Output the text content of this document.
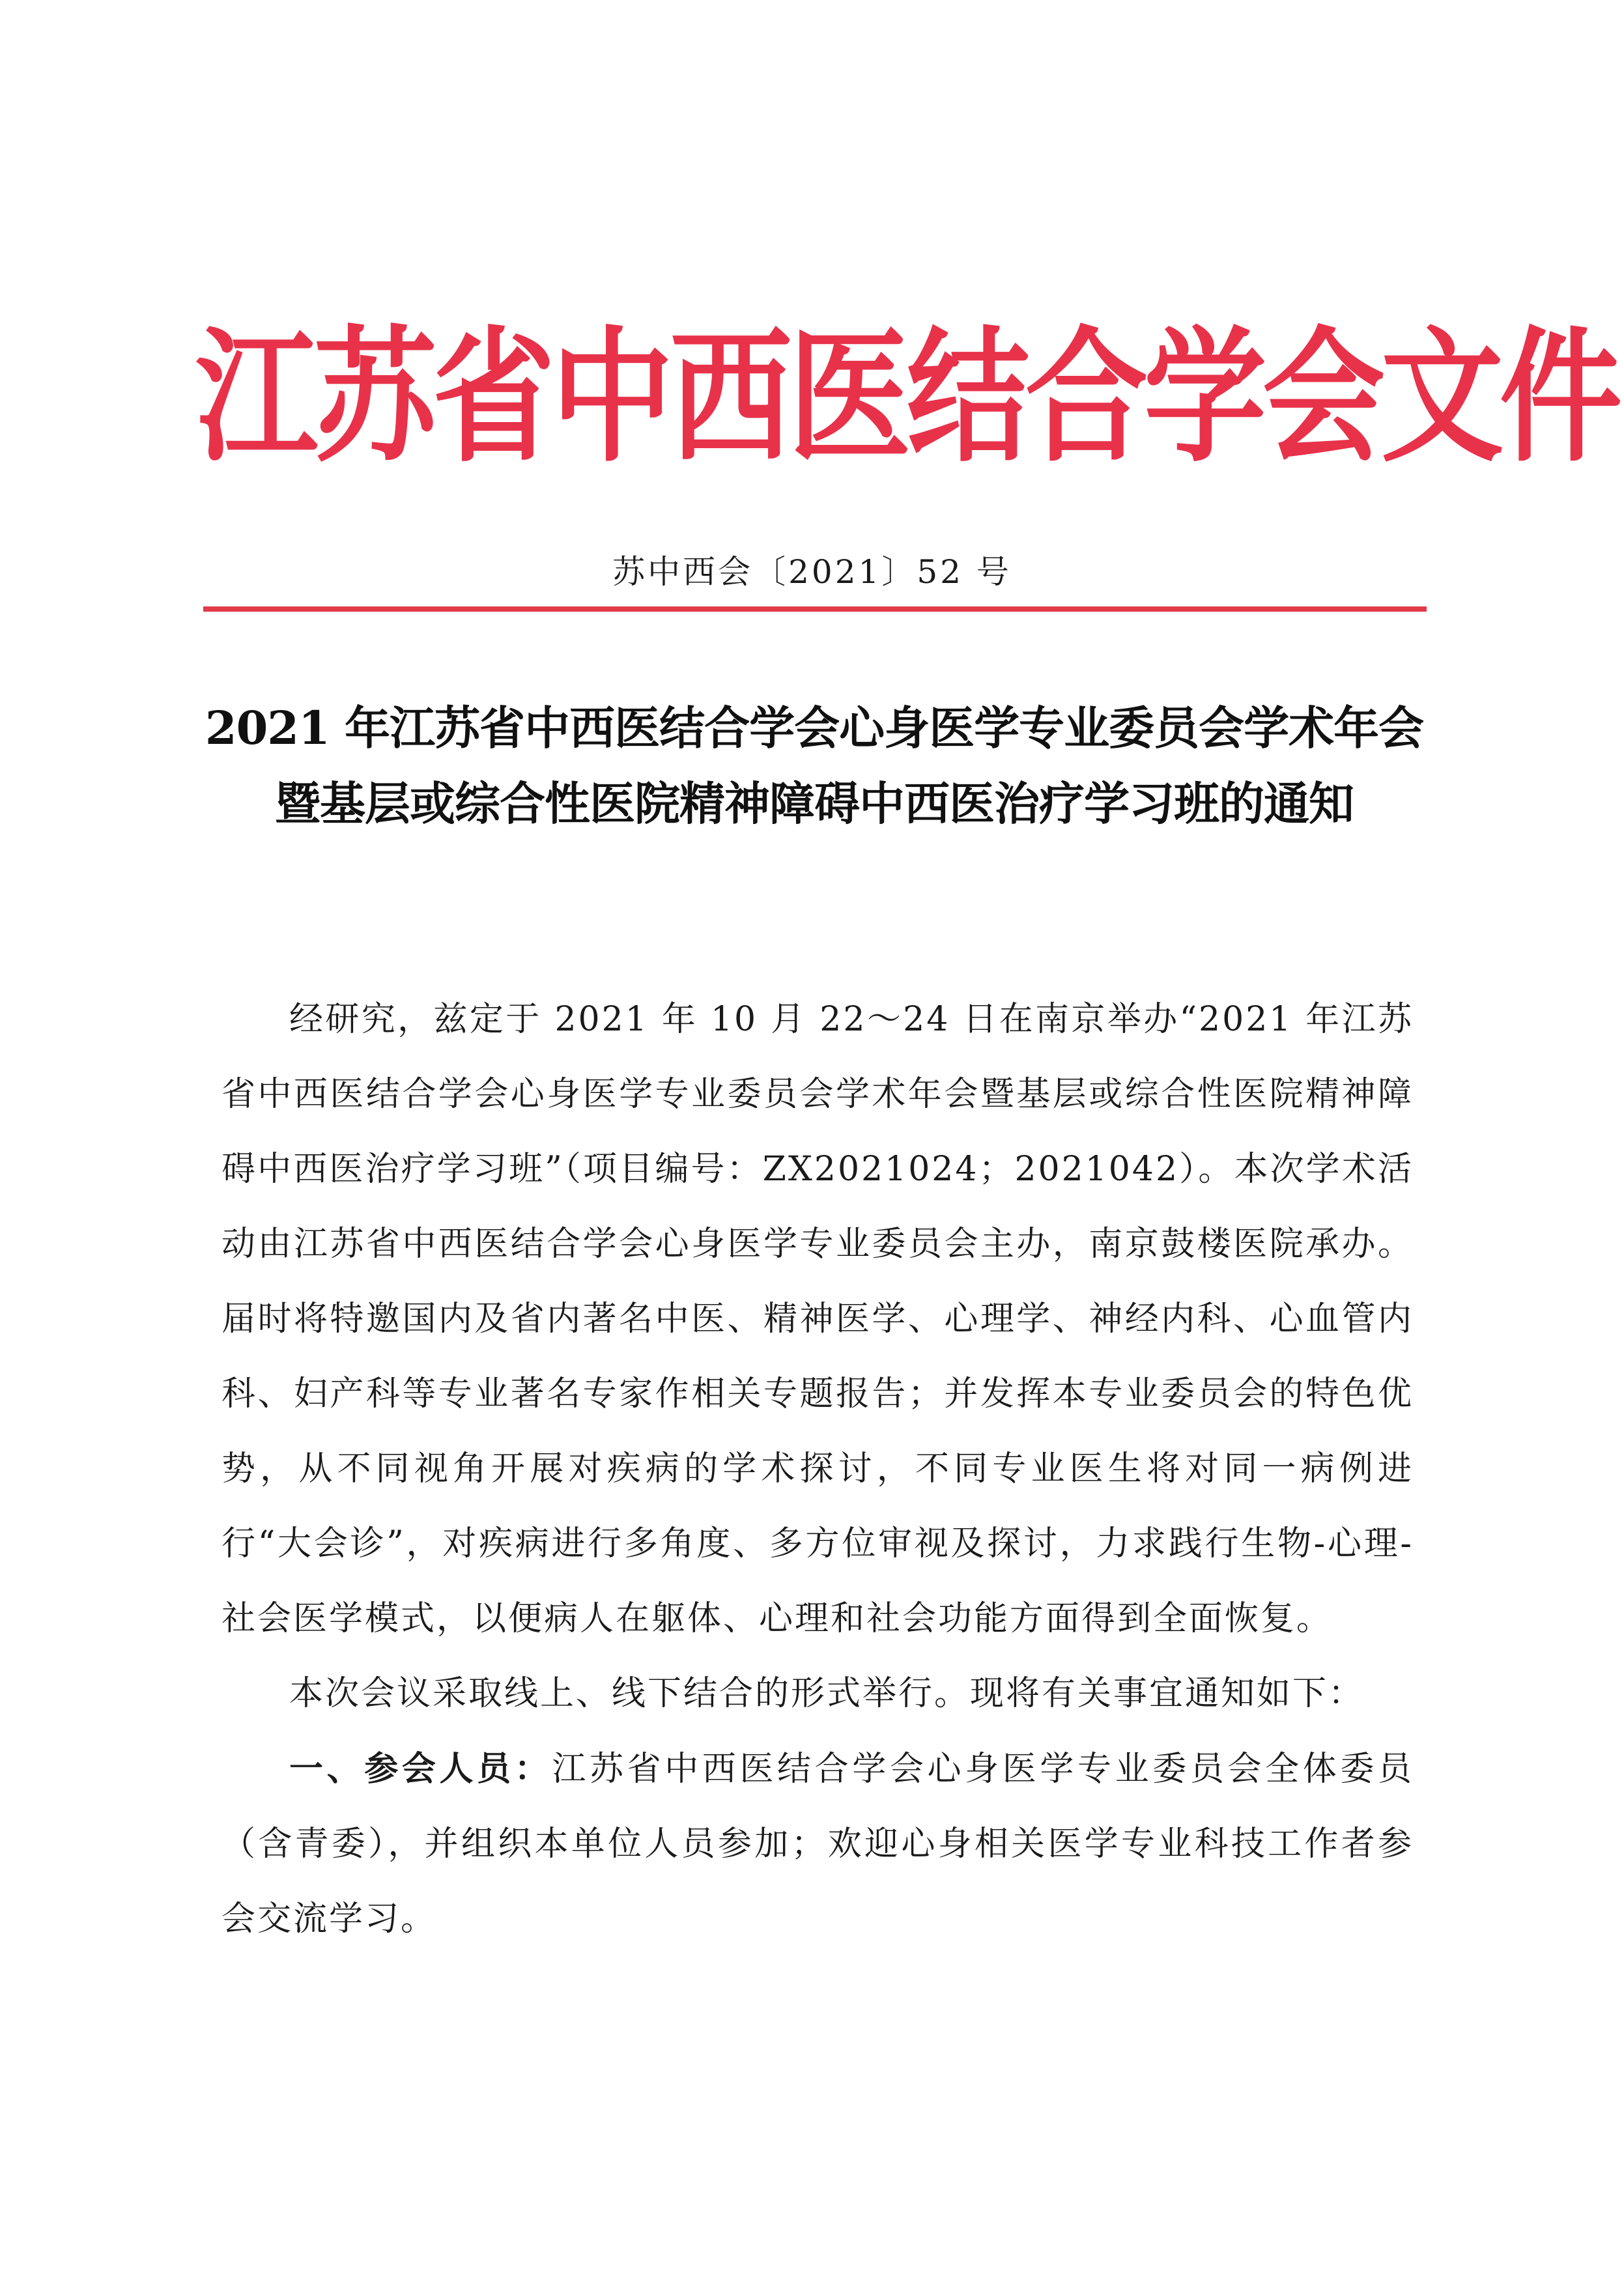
江苏省中西医结合学会文件
苏中西会〔2021〕52 号
2021 年江苏省中西医结合学会心身医学专业委员会学术年会
暨基层或综合性医院精神障碍中西医治疗学习班的通知

经研究，兹定于 2021 年 10 月 22～24 日在南京举办“2021 年江苏省中西医结合学会心身医学专业委员会学术年会暨基层或综合性医院精神障碍中西医治疗学习班”（项目编号：ZX2021024；2021042）。本次学术活动由江苏省中西医结合学会心身医学专业委员会主办，南京鼓楼医院承办。届时将特邀国内及省内著名中医、精神医学、心理学、神经内科、心血管内科、妇产科等专业著名专家作相关专题报告；并发挥本专业委员会的特色优势，从不同视角开展对疾病的学术探讨，不同专业医生将对同一病例进行“大会诊”，对疾病进行多角度、多方位审视及探讨，力求践行生物-心理-社会医学模式，以便病人在躯体、心理和社会功能方面得到全面恢复。

本次会议采取线上、线下结合的形式举行。现将有关事宜通知如下：

一、参会人员：江苏省中西医结合学会心身医学专业委员会全体委员（含青委），并组织本单位人员参加；欢迎心身相关医学专业科技工作者参会交流学习。
